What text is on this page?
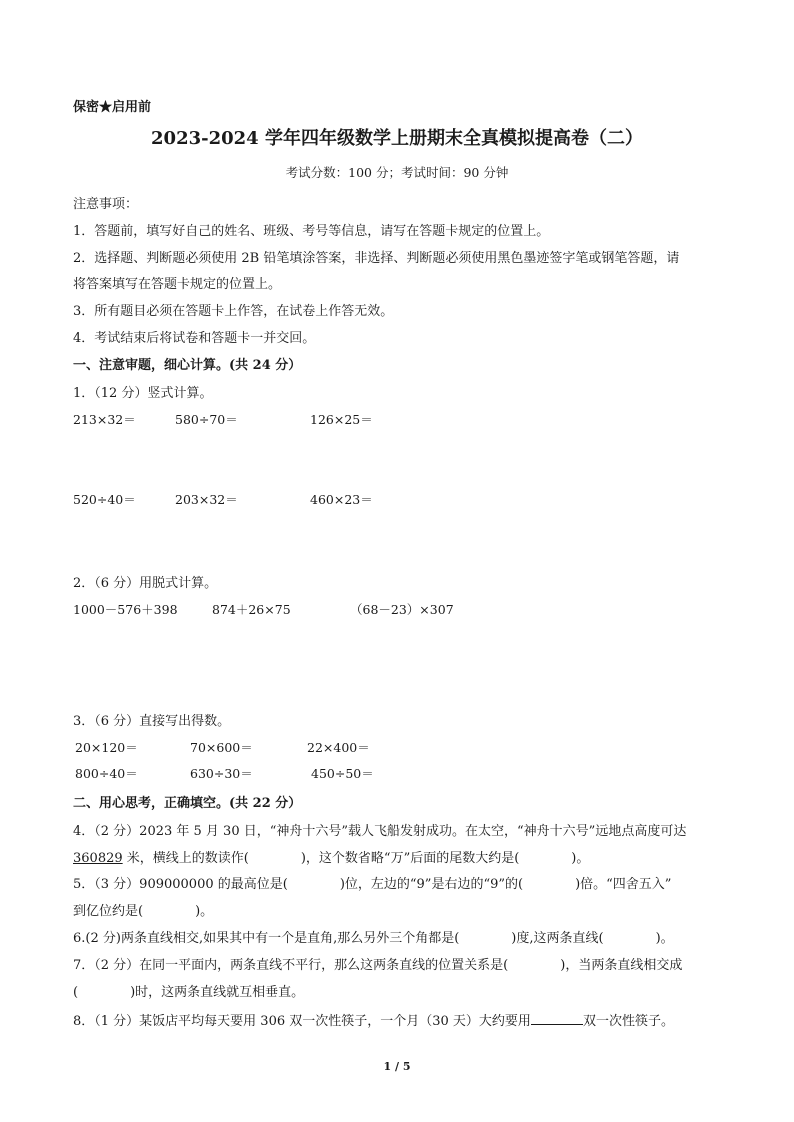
保密★启用前
2023-2024 学年四年级数学上册期末全真模拟提高卷（二）
考试分数：100 分；考试时间：90 分钟
注意事项：
1．答题前，填写好自己的姓名、班级、考号等信息，请写在答题卡规定的位置上。
2．选择题、判断题必须使用 2B 铅笔填涂答案，非选择、判断题必须使用黑色墨迹签字笔或钢笔答题，请
将答案填写在答题卡规定的位置上。
3．所有题目必须在答题卡上作答，在试卷上作答无效。
4．考试结束后将试卷和答题卡一并交回。
一、注意审题，细心计算。(共 24 分）
1．（12 分）竖式计算。
213×32＝	580÷70＝	126×25＝
520÷40＝	203×32＝	460×23＝
2．（6 分）用脱式计算。
1000－576＋398	874＋26×75	（68－23）×307
3．（6 分）直接写出得数。
20×120＝	70×600＝	22×400＝
800÷40＝	630÷30＝	450÷50＝
二、用心思考，正确填空。(共 22 分）
4．（2 分）2023 年 5 月 30 日，“神舟十六号”载人飞船发射成功。在太空，“神舟十六号”远地点高度可达
360829 米，横线上的数读作(　　　　)，这个数省略“万”后面的尾数大约是(　　　　)。
5．（3 分）909000000 的最高位是(　　　　)位，左边的“9”是右边的“9”的(　　　　)倍。“四舍五入”
到亿位约是(　　　　)。
6.(2 分)两条直线相交,如果其中有一个是直角,那么另外三个角都是(　　　　)度,这两条直线(　　　　)。
7．（2 分）在同一平面内，两条直线不平行，那么这两条直线的位置关系是(　　　　)，当两条直线相交成
(　　　　)时，这两条直线就互相垂直。
8．（1 分）某饭店平均每天要用 306 双一次性筷子，一个月（30 天）大约要用	双一次性筷子。
1 / 5
